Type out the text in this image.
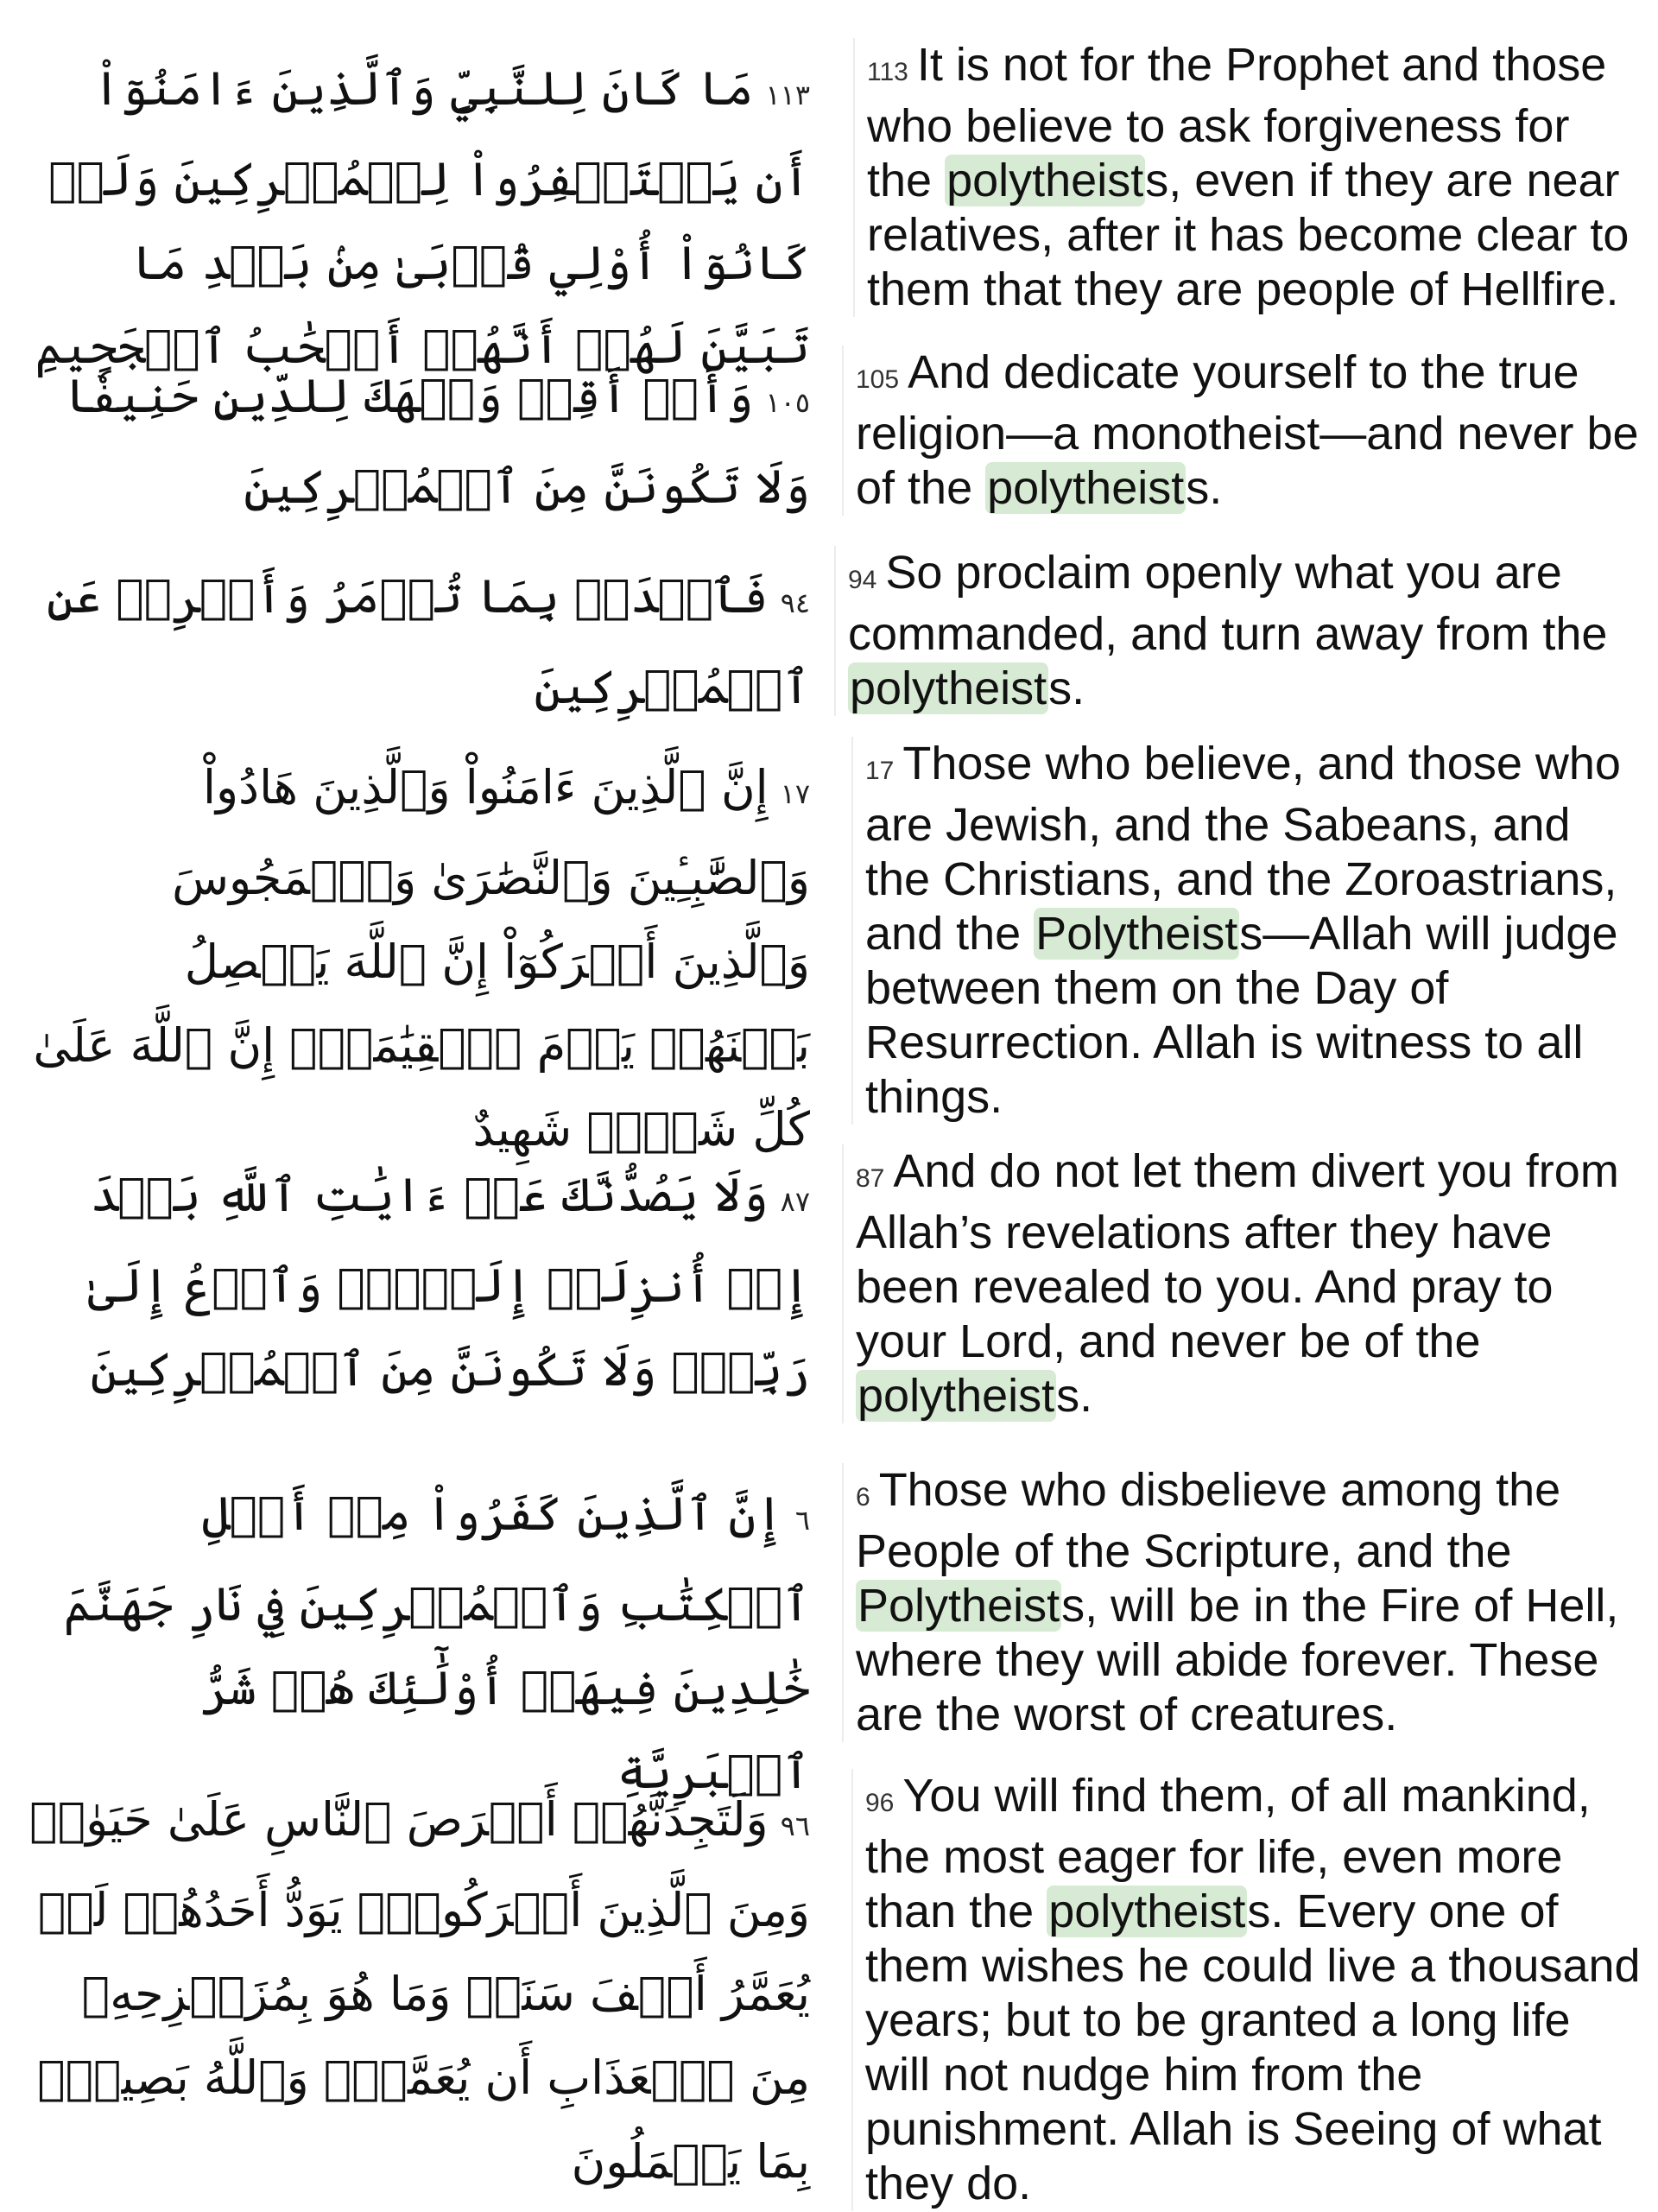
١١٣مَا كَانَ لِلنَّبِيِّ وَٱلَّذِينَ ءَامَنُوٓاْ أَن يَسۡتَغۡفِرُواْ لِلۡمُشۡرِكِينَ وَلَوۡ كَانُوٓاْ أُوْلِي قُرۡبَىٰ مِنۢ بَعۡدِ مَا تَبَيَّنَ لَهُمۡ أَنَّهُمۡ أَصۡحَٰبُ ٱلۡجَحِيمِ
113 It is not for the Prophet and those who believe to ask forgiveness for the polytheists, even if they are near relatives, after it has become clear to them that they are people of Hellfire.
١٠٥وَأَنۡ أَقِمۡ وَجۡهَكَ لِلدِّينِ حَنِيفٗا وَلَا تَكُونَنَّ مِنَ ٱلۡمُشۡرِكِينَ
105 And dedicate yourself to the true religion—a monotheist—and never be of the polytheists.
٩٤فَٱصۡدَعۡ بِمَا تُؤۡمَرُ وَأَعۡرِضۡ عَنِ ٱلۡمُشۡرِكِينَ
94 So proclaim openly what you are commanded, and turn away from the polytheists.
١٧إِنَّ ٱلَّذِينَ ءَامَنُواْ وَٱلَّذِينَ هَادُواْ وَٱلصَّٰبِـِٔينَ وَٱلنَّصَٰرَىٰ وَٱلۡمَجُوسَ وَٱلَّذِينَ أَشۡرَكُوٓاْ إِنَّ ٱللَّهَ يَفۡصِلُ بَيۡنَهُمۡ يَوۡمَ ٱلۡقِيَٰمَةِۚ إِنَّ ٱللَّهَ عَلَىٰ كُلِّ شَيۡءٖ شَهِيدٌ
17 Those who believe, and those who are Jewish, and the Sabeans, and the Christians, and the Zoroastrians, and the Polytheists—Allah will judge between them on the Day of Resurrection. Allah is witness to all things.
٨٧وَلَا يَصُدُّنَّكَ عَنۡ ءَايَٰتِ ٱللَّهِ بَعۡدَ إِذۡ أُنزِلَتۡ إِلَيۡكَۖ وَٱدۡعُ إِلَىٰ رَبِّكَۖ وَلَا تَكُونَنَّ مِنَ ٱلۡمُشۡرِكِينَ
87 And do not let them divert you from Allah’s revelations after they have been revealed to you. And pray to your Lord, and never be of the polytheists.
٦إِنَّ ٱلَّذِينَ كَفَرُواْ مِنۡ أَهۡلِ ٱلۡكِتَٰبِ وَٱلۡمُشۡرِكِينَ فِي نَارِ جَهَنَّمَ خَٰلِدِينَ فِيهَآۚ أُوْلَٰٓئِكَ هُمۡ شَرُّ ٱلۡبَرِيَّةِ
6 Those who disbelieve among the People of the Scripture, and the Polytheists, will be in the Fire of Hell, where they will abide forever. These are the worst of creatures.
٩٦وَلَتَجِدَنَّهُمۡ أَحۡرَصَ ٱلنَّاسِ عَلَىٰ حَيَوٰةٖ وَمِنَ ٱلَّذِينَ أَشۡرَكُواْۚ يَوَدُّ أَحَدُهُمۡ لَوۡ يُعَمَّرُ أَلۡفَ سَنَةٖ وَمَا هُوَ بِمُزَحۡزِحِهِۦ مِنَ ٱلۡعَذَابِ أَن يُعَمَّرَۗ وَٱللَّهُ بَصِيرُۢ بِمَا يَعۡمَلُونَ
96 You will find them, of all mankind, the most eager for life, even more than the polytheists. Every one of them wishes he could live a thousand years; but to be granted a long life will not nudge him from the punishment. Allah is Seeing of what they do.
